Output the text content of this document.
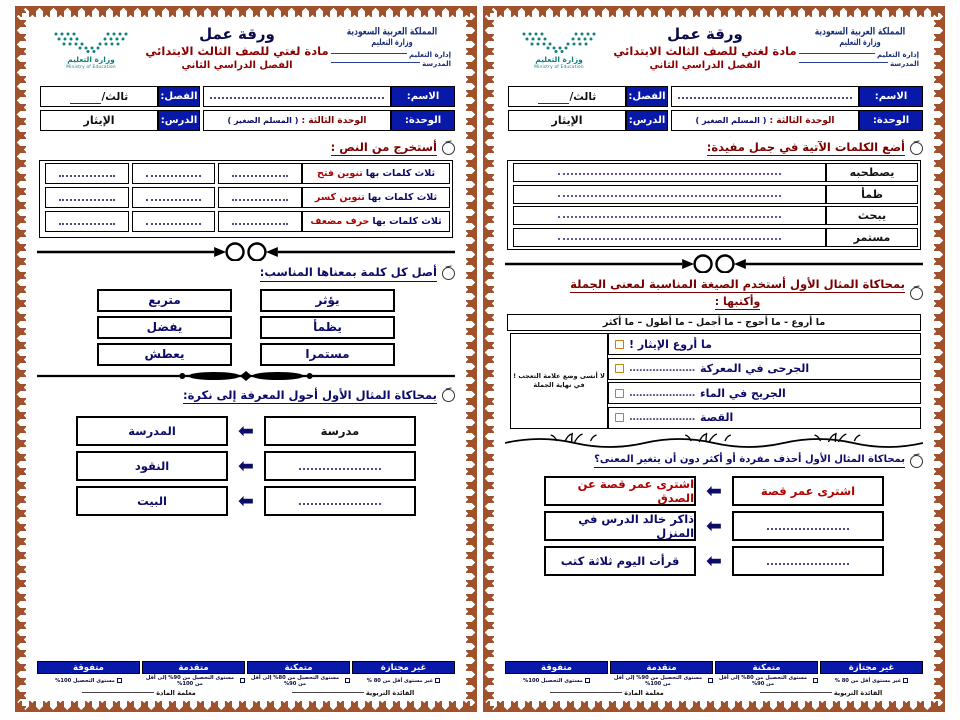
المملكة العربية السعودية
وزارة التعليم
إدارة التعليم
المدرسة
ورقة عمل
مادة لغتي للصف الثالث الابتدائي
الفصل الدراسي الثاني
وزارة التعليم
Ministry of Education
الاسم:
الفصل:
ثالث/
الوحدة:
الوحدة الثالثة : ( المسلم الصغير )
الدرس:
الإيثار
أستخرج من النص :
ثلاث كلمات بها
تنوين فتح
ثلاث كلمات بها
تنوين كسر
ثلاث كلمات بها
حرف مضعف
أصل كل كلمة بمعناها المناسب:
يؤثر
يظمأ
مستمرا
متربع
يفضل
يعطش
بمحاكاة المثال الأول أحول المعرفة إلى نكرة:
مدرسة
⬅
المدرسة
⬅
النقود
⬅
البيت
غير مجتازة
متمكنة
متقدمة
متفوقة
غير مستوى أقل من 80 %
مستوى التحصيل من 80% إلى أقل من 90%
مستوى التحصيل من 90% إلى أقل من 100%
مستوى التحصيل 100%
القائدة التربوية
معلمة المادة
المملكة العربية السعودية
وزارة التعليم
إدارة التعليم
المدرسة
ورقة عمل
مادة لغتي للصف الثالث الابتدائي
الفصل الدراسي الثاني
وزارة التعليم
Ministry of Education
الاسم:
الفصل:
ثالث/
الوحدة:
الوحدة الثالثة : ( المسلم الصغير )
الدرس:
الإيثار
أضع الكلمات الآتية في جمل مفيدة:
يصطحبه
ظمأ
يبحث
مستمر
بمحاكاة المثال الأول أستخدم الصيغة المناسبة لمعنى الجملة
وأكتبها :
ما أروع - ما أحوج – ما أجمل – ما أطول – ما أكثر
ما أروع الإيثار !
الجرحى في المعركة
....................
الجريح في الماء
....................
القصة
....................
لا أنسى وضع علامة التعجب ! في نهاية الجملة
بمحاكاة المثال الأول أحذف مفردة أو أكثر دون أن يتغير المعنى؟
اشترى عمر قصة
⬅
اشترى عمر قصة عن الصدق
⬅
ذاكر خالد الدرس في المنزل
⬅
قرأت اليوم ثلاثة كتب
غير مجتازة
متمكنة
متقدمة
متفوقة
غير مستوى أقل من 80 %
مستوى التحصيل من 80% إلى أقل من 90%
مستوى التحصيل من 90% إلى أقل من 100%
مستوى التحصيل 100%
القائدة التربوية
معلمة المادة
